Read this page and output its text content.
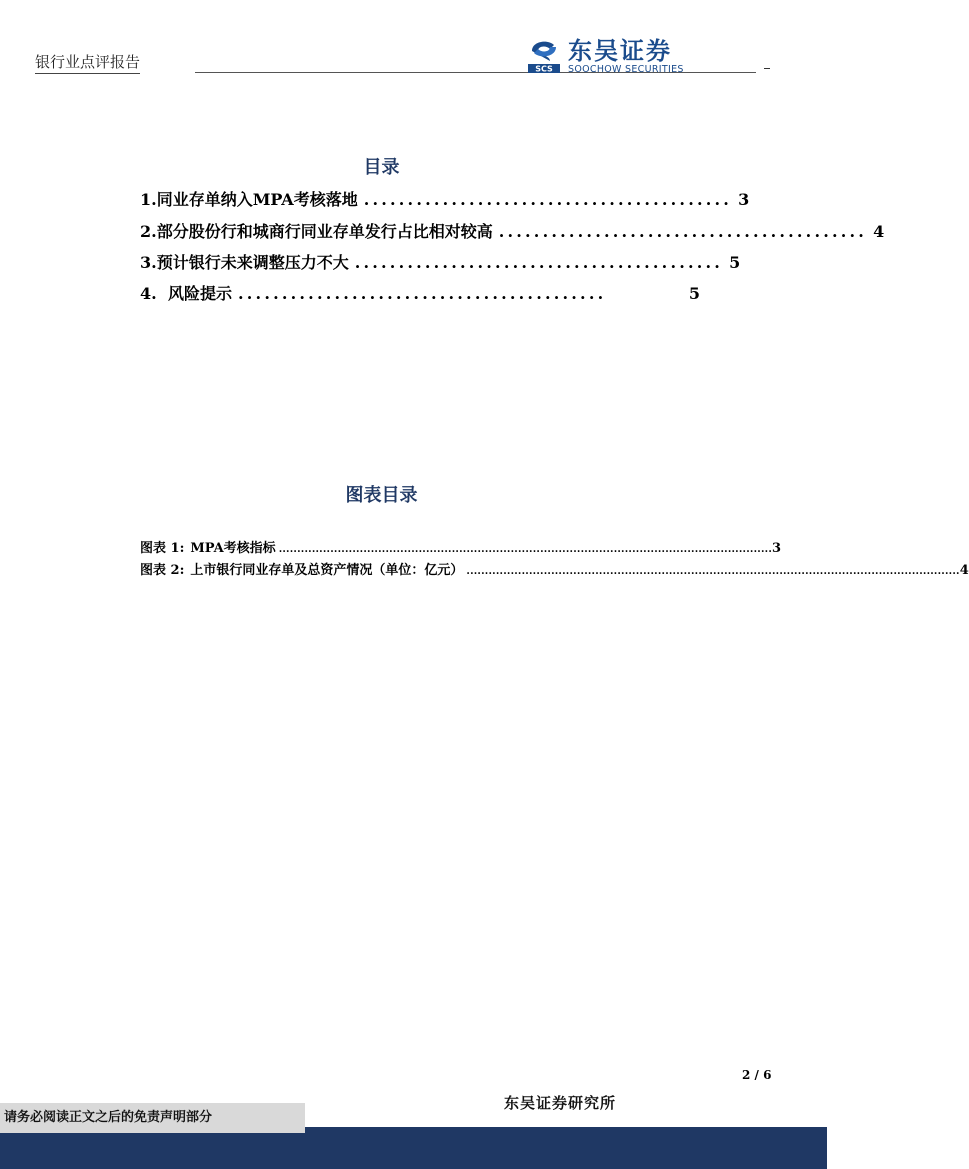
银行业点评报告	SCS
东吴证券
SOOCHOW SECURITIES
目录
1. 同业存单纳入MPA考核落地 .......................................... 3
2. 部分股份行和城商行同业存单发行占比相对较高 .......................................... 4
3. 预计银行未来调整压力不大 .......................................... 5
4. 风险提示 ..........................................	5
图表目录
图表 1: MPA考核指标 ...................................................................................................................................... 3
图表 2: 上市银行同业存单及总资产情况（单位：亿元） ...................................................................................................................................... 4
2 / 6
东吴证券研究所
请务必阅读正文之后的免责声明部分
